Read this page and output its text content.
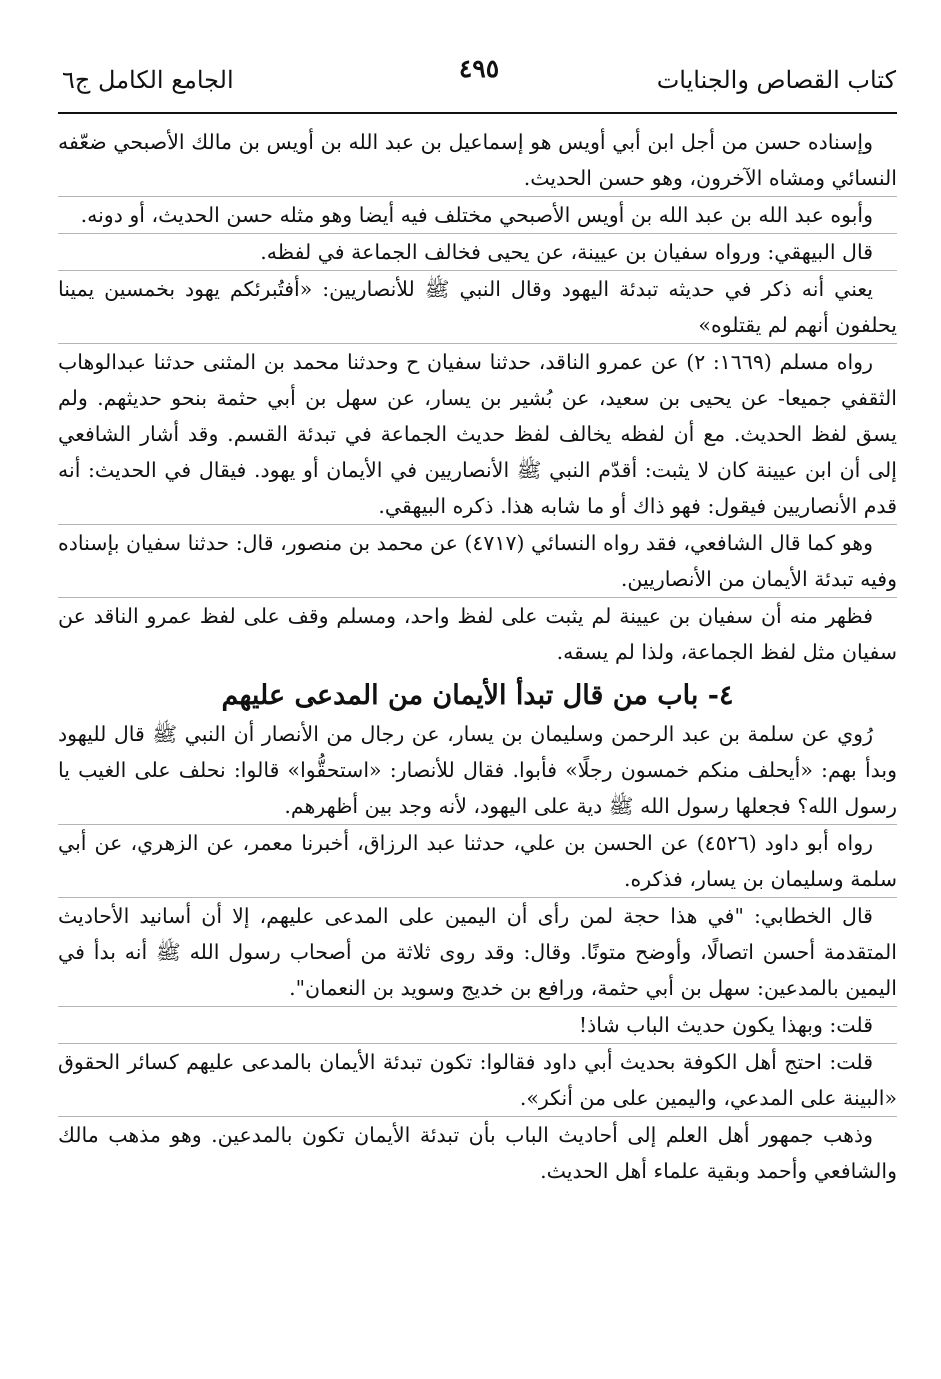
كتاب القصاص والجنايات
٤٩٥
الجامع الكامل ج٦

وإسناده حسن من أجل ابن أبي أويس هو إسماعيل بن عبد الله بن أويس بن مالك الأصبحي ضعّفه النسائي ومشاه الآخرون، وهو حسن الحديث.

وأبوه عبد الله بن عبد الله بن أويس الأصبحي مختلف فيه أيضا وهو مثله حسن الحديث، أو دونه.

قال البيهقي: ورواه سفيان بن عيينة، عن يحيى فخالف الجماعة في لفظه.

يعني أنه ذكر في حديثه تبدئة اليهود وقال النبي ﷺ للأنصاريين: «أفتُبرئكم يهود بخمسين يمينا يحلفون أنهم لم يقتلوه»

رواه مسلم (١٦٦٩: ٢) عن عمرو الناقد، حدثنا سفيان ح وحدثنا محمد بن المثنى حدثنا عبدالوهاب الثقفي جميعا- عن يحيى بن سعيد، عن بُشير بن يسار، عن سهل بن أبي حثمة بنحو حديثهم. ولم يسق لفظ الحديث. مع أن لفظه يخالف لفظ حديث الجماعة في تبدئة القسم. وقد أشار الشافعي إلى أن ابن عيينة كان لا يثبت: أقدّم النبي ﷺ الأنصاريين في الأيمان أو يهود. فيقال في الحديث: أنه قدم الأنصاريين فيقول: فهو ذاك أو ما شابه هذا. ذكره البيهقي.

وهو كما قال الشافعي، فقد رواه النسائي (٤٧١٧) عن محمد بن منصور، قال: حدثنا سفيان بإسناده وفيه تبدئة الأيمان من الأنصاريين.

فظهر منه أن سفيان بن عيينة لم يثبت على لفظ واحد، ومسلم وقف على لفظ عمرو الناقد عن سفيان مثل لفظ الجماعة، ولذا لم يسقه.

٤- باب من قال تبدأ الأيمان من المدعى عليهم

رُوي عن سلمة بن عبد الرحمن وسليمان بن يسار، عن رجال من الأنصار أن النبي ﷺ قال لليهود وبدأ بهم: «أيحلف منكم خمسون رجلًا» فأبوا. فقال للأنصار: «استحقُّوا» قالوا: نحلف على الغيب يا رسول الله؟ فجعلها رسول الله ﷺ دية على اليهود، لأنه وجد بين أظهرهم.

رواه أبو داود (٤٥٢٦) عن الحسن بن علي، حدثنا عبد الرزاق، أخبرنا معمر، عن الزهري، عن أبي سلمة وسليمان بن يسار، فذكره.

قال الخطابي: "في هذا حجة لمن رأى أن اليمين على المدعى عليهم، إلا أن أسانيد الأحاديث المتقدمة أحسن اتصالًا، وأوضح متونًا. وقال: وقد روى ثلاثة من أصحاب رسول الله ﷺ أنه بدأ في اليمين بالمدعين: سهل بن أبي حثمة، ورافع بن خديج وسويد بن النعمان".

قلت: وبهذا يكون حديث الباب شاذ!

قلت: احتج أهل الكوفة بحديث أبي داود فقالوا: تكون تبدئة الأيمان بالمدعى عليهم كسائر الحقوق «البينة على المدعي، واليمين على من أنكر».

وذهب جمهور أهل العلم إلى أحاديث الباب بأن تبدئة الأيمان تكون بالمدعين. وهو مذهب مالك والشافعي وأحمد وبقية علماء أهل الحديث.
